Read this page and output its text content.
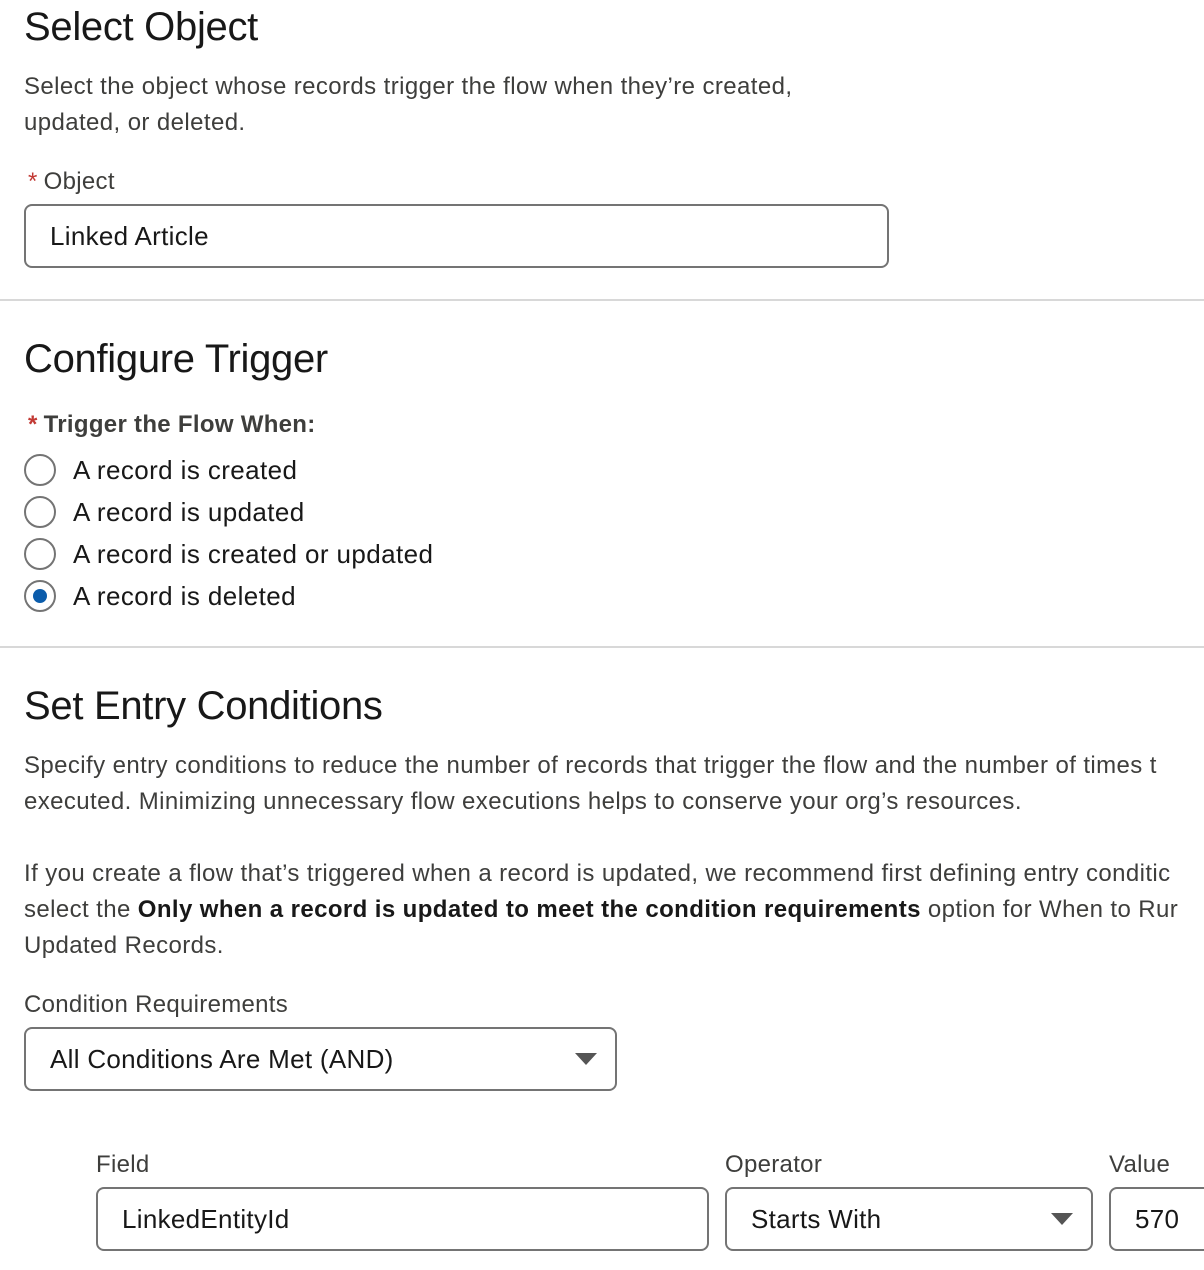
Select Object
Select the object whose records trigger the flow when they’re created,
updated, or deleted.
* Object
Linked Article
Configure Trigger
* Trigger the Flow When:
A record is created
A record is updated
A record is created or updated
A record is deleted
Set Entry Conditions
Specify entry conditions to reduce the number of records that trigger the flow and the number of times t
executed. Minimizing unnecessary flow executions helps to conserve your org’s resources.
If you create a flow that’s triggered when a record is updated, we recommend first defining entry conditic
select the Only when a record is updated to meet the condition requirements option for When to Rur
Updated Records.
Condition Requirements
All Conditions Are Met (AND)
Field
LinkedEntityId
Operator
Starts With
Value
570
